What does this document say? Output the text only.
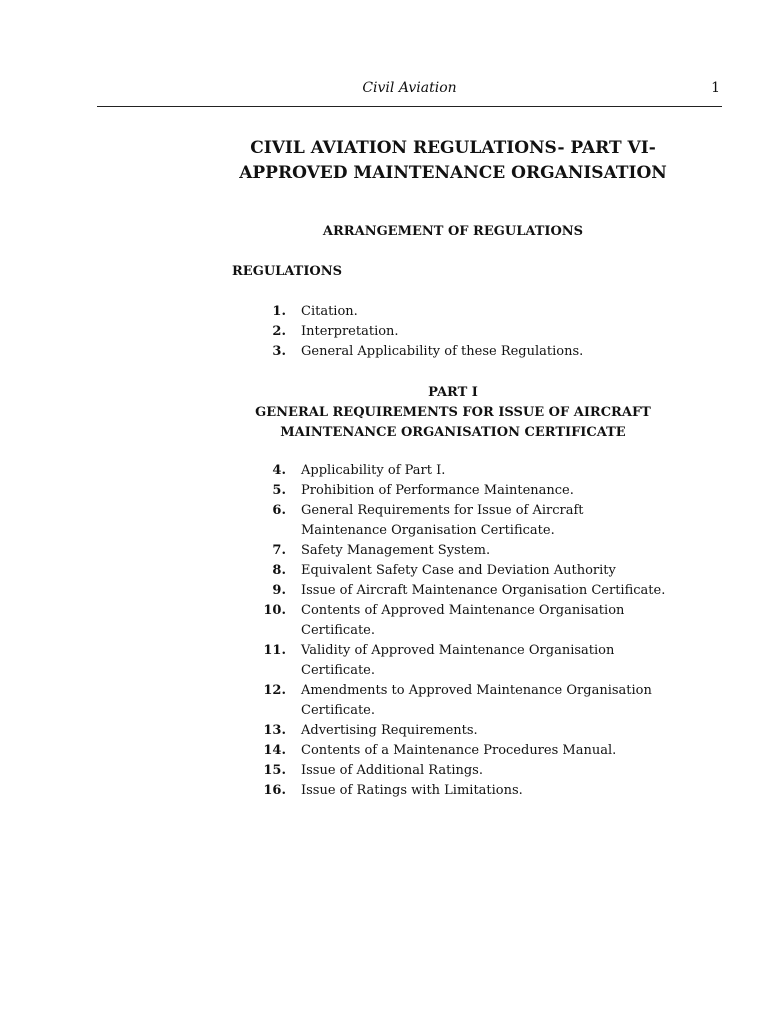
Civil Aviation	1
CIVIL AVIATION REGULATIONS- PART VI-
APPROVED MAINTENANCE ORGANISATION
ARRANGEMENT OF REGULATIONS
REGULATIONS
1. Citation.
2. Interpretation.
3. General Applicability of these Regulations.
PART I
GENERAL REQUIREMENTS FOR ISSUE OF AIRCRAFT
MAINTENANCE ORGANISATION CERTIFICATE
4. Applicability of Part I.
5. Prohibition of Performance Maintenance.
6. General Requirements for Issue of Aircraft Maintenance Organisation Certificate.
7. Safety Management System.
8. Equivalent Safety Case and Deviation Authority
9. Issue of Aircraft Maintenance Organisation Certificate.
10. Contents of Approved Maintenance Organisation Certificate.
11. Validity of Approved Maintenance Organisation Certificate.
12. Amendments to Approved Maintenance Organisation Certificate.
13. Advertising Requirements.
14. Contents of a Maintenance Procedures Manual.
15. Issue of Additional Ratings.
16. Issue of Ratings with Limitations.
